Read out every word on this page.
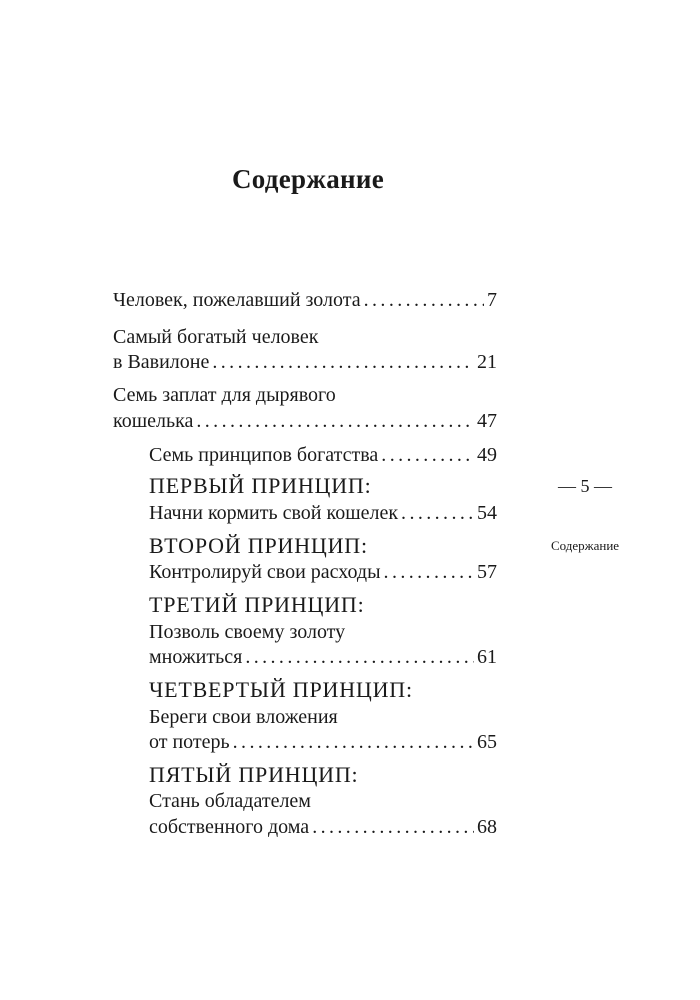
Содержание
Человек, пожелавший золота . . .	7
Самый богатый человек
в Вавилоне . . .	21
Семь заплат для дырявого
кошелька . . .	47
Семь принципов богатства . . .	49
ПЕРВЫЙ ПРИНЦИП:
Начни кормить свой кошелек . . .	54
ВТОРОЙ ПРИНЦИП:
Контролируй свои расходы . . .	57
ТРЕТИЙ ПРИНЦИП:
Позволь своему золоту
множиться . . .	61
ЧЕТВЕРТЫЙ ПРИНЦИП:
Береги свои вложения
от потерь . . .	65
ПЯТЫЙ ПРИНЦИП:
Стань обладателем
собственного дома . . .	68
— 5 —
Содержание
